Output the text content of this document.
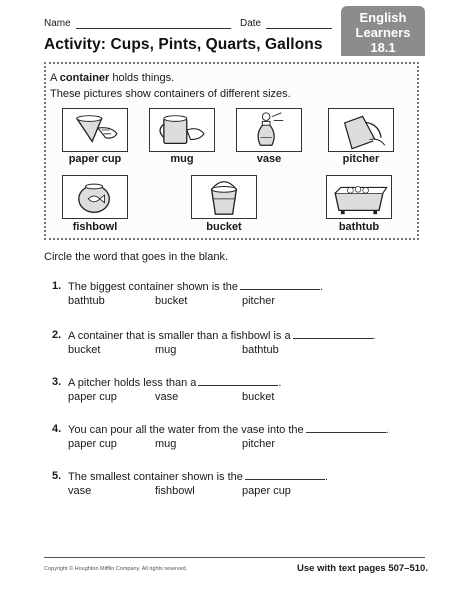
Name	Date	English
Learners
18.1
Activity: Cups, Pints, Quarts, Gallons

A container holds things.

These pictures show containers of different sizes.

paper cup	mug	vase	pitcher
fishbowl	bucket	bathtub

Circle the word that goes in the blank.

1. The biggest container shown is the	.
bathtub	bucket	pitcher
2. A container that is smaller than a fishbowl is a	.
bucket	mug	bathtub
3. A pitcher holds less than a	.
paper cup	vase	bucket
4. You can pour all the water from the vase into the	.
paper cup	mug	pitcher
5. The smallest container shown is the	.
vase	fishbowl	paper cup
Copyright © Houghton Mifflin Company. All rights reserved.	Use with text pages 507–510.
